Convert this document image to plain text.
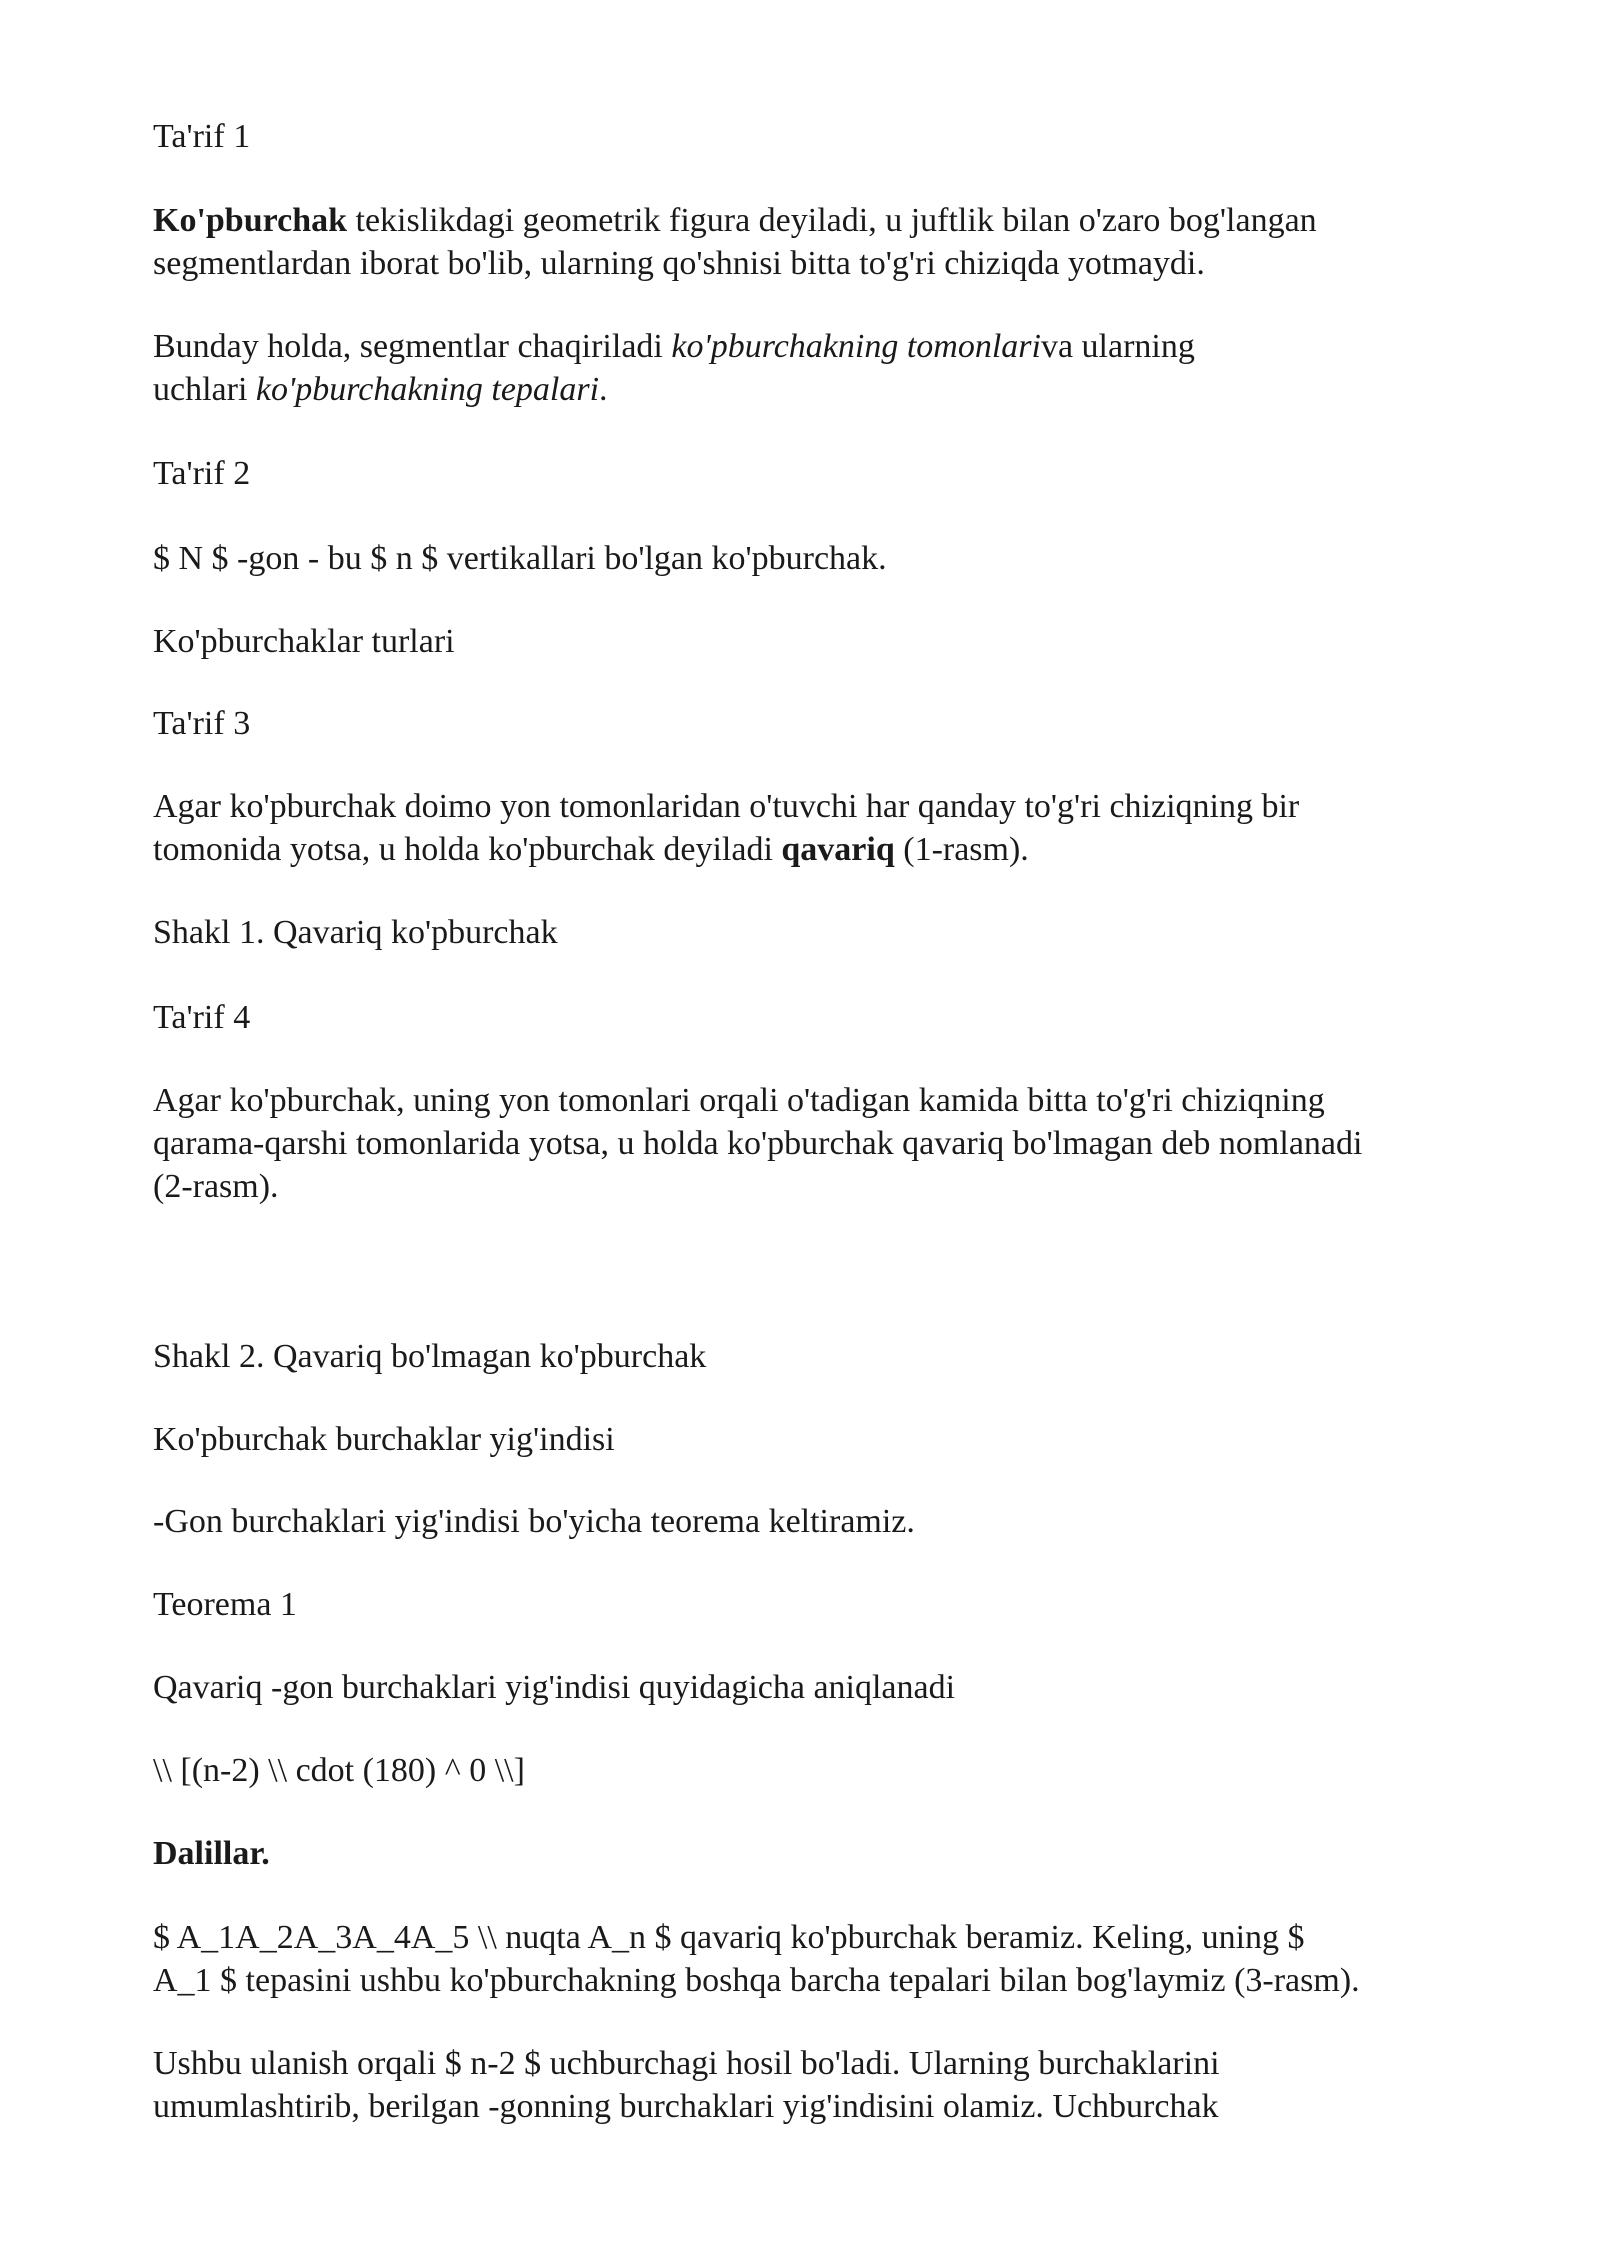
Ta'rif 1
Ko'pburchak tekislikdagi geometrik figura deyiladi, u juftlik bilan o'zaro bog'langan
segmentlardan iborat bo'lib, ularning qo'shnisi bitta to'g'ri chiziqda yotmaydi.
Bunday holda, segmentlar chaqiriladi ko'pburchakning tomonlariva ularning
uchlari ko'pburchakning tepalari.
Ta'rif 2
$ N $ -gon - bu $ n $ vertikallari bo'lgan ko'pburchak.
Ko'pburchaklar turlari
Ta'rif 3
Agar ko'pburchak doimo yon tomonlaridan o'tuvchi har qanday to'g'ri chiziqning bir
tomonida yotsa, u holda ko'pburchak deyiladi qavariq (1-rasm).
Shakl 1. Qavariq ko'pburchak
Ta'rif 4
Agar ko'pburchak, uning yon tomonlari orqali o'tadigan kamida bitta to'g'ri chiziqning
qarama-qarshi tomonlarida yotsa, u holda ko'pburchak qavariq bo'lmagan deb nomlanadi
(2-rasm).
Shakl 2. Qavariq bo'lmagan ko'pburchak
Ko'pburchak burchaklar yig'indisi
-Gon burchaklari yig'indisi bo'yicha teorema keltiramiz.
Teorema 1
Qavariq -gon burchaklari yig'indisi quyidagicha aniqlanadi
\\ [(n-2) \\ cdot (180) ^ 0 \\]
Dalillar.
$ A_1A_2A_3A_4A_5 \\ nuqta A_n $ qavariq ko'pburchak beramiz. Keling, uning $
A_1 $ tepasini ushbu ko'pburchakning boshqa barcha tepalari bilan bog'laymiz (3-rasm).
Ushbu ulanish orqali $ n-2 $ uchburchagi hosil bo'ladi. Ularning burchaklarini
umumlashtirib, berilgan -gonning burchaklari yig'indisini olamiz. Uchburchak
